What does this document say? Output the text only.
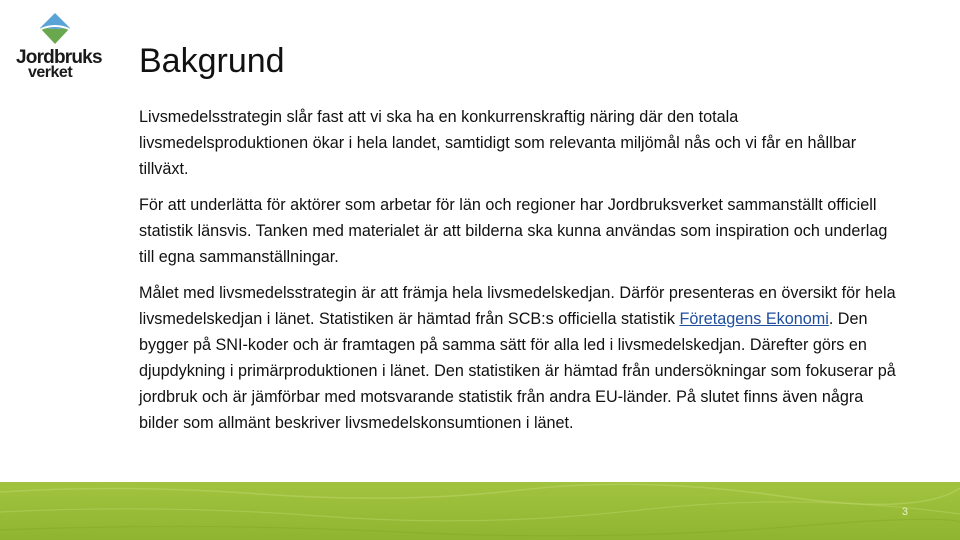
Jordbruks
verket Bakgrund

Livsmedelsstrategin slår fast att vi ska ha en konkurrenskraftig näring där den totala livsmedelsproduktionen ökar i hela landet, samtidigt som relevanta miljömål nås och vi får en hållbar tillväxt.

För att underlätta för aktörer som arbetar för län och regioner har Jordbruksverket sammanställt officiell statistik länsvis. Tanken med materialet är att bilderna ska kunna användas som inspiration och underlag till egna sammanställningar.

Målet med livsmedelsstrategin är att främja hela livsmedelskedjan. Därför presenteras en översikt för hela livsmedelskedjan i länet. Statistiken är hämtad från SCB:s officiella statistik Företagens Ekonomi. Den bygger på SNI-koder och är framtagen på samma sätt för alla led i livsmedelskedjan. Därefter görs en djupdykning i primärproduktionen i länet. Den statistiken är hämtad från undersökningar som fokuserar på jordbruk och är jämförbar med motsvarande statistik från andra EU-länder. På slutet finns även några bilder som allmänt beskriver livsmedelskonsumtionen i länet.

3
